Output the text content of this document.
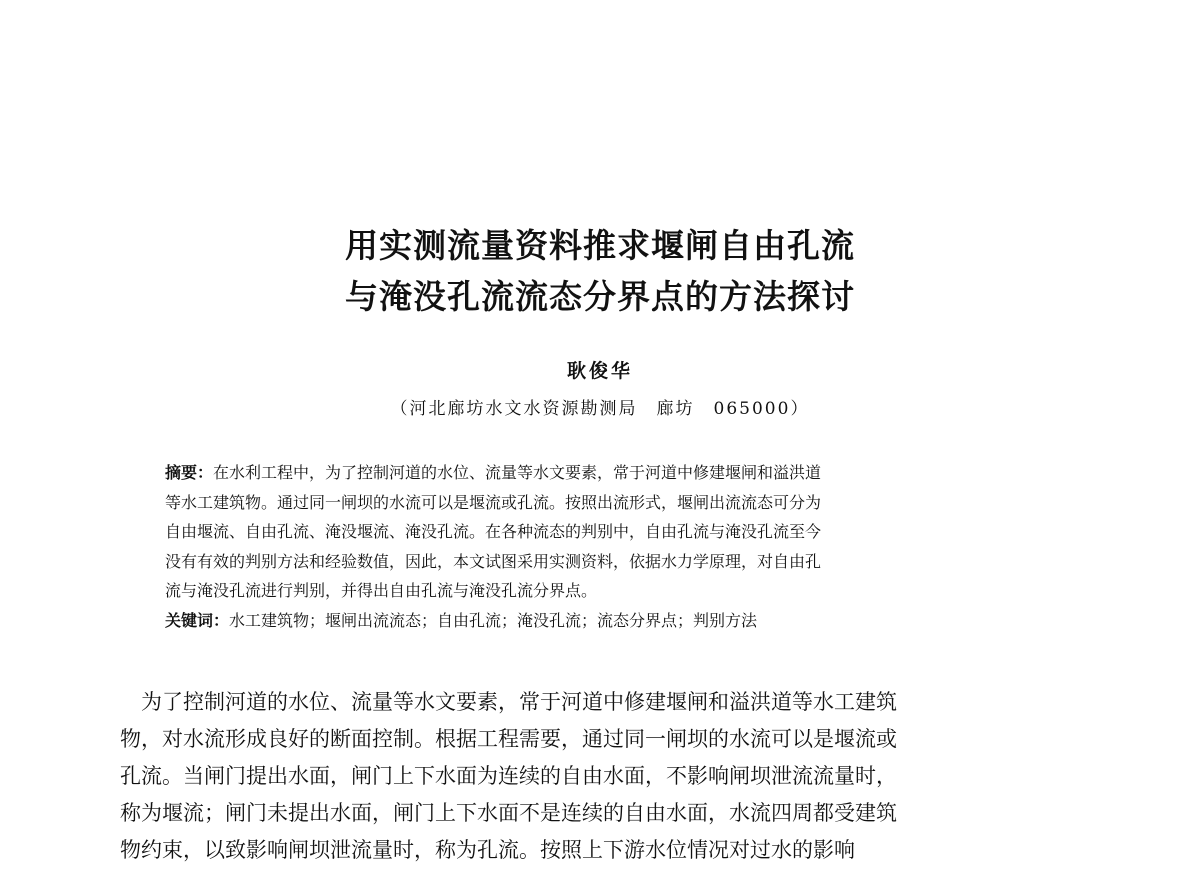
用实测流量资料推求堰闸自由孔流
与淹没孔流流态分界点的方法探讨
耿俊华
（河北廊坊水文水资源勘测局　廊坊　065000）
摘要：在水利工程中，为了控制河道的水位、流量等水文要素，常于河道中修建堰闸和溢洪道
等水工建筑物。通过同一闸坝的水流可以是堰流或孔流。按照出流形式，堰闸出流流态可分为
自由堰流、自由孔流、淹没堰流、淹没孔流。在各种流态的判别中，自由孔流与淹没孔流至今
没有有效的判别方法和经验数值，因此，本文试图采用实测资料，依据水力学原理，对自由孔
流与淹没孔流进行判别，并得出自由孔流与淹没孔流分界点。
关键词：水工建筑物；堰闸出流流态；自由孔流；淹没孔流；流态分界点；判别方法
　为了控制河道的水位、流量等水文要素，常于河道中修建堰闸和溢洪道等水工建筑
物，对水流形成良好的断面控制。根据工程需要，通过同一闸坝的水流可以是堰流或
孔流。当闸门提出水面，闸门上下水面为连续的自由水面，不影响闸坝泄流流量时，
称为堰流；闸门未提出水面，闸门上下水面不是连续的自由水面，水流四周都受建筑
物约束，以致影响闸坝泄流量时，称为孔流。按照上下游水位情况对过水的影响
